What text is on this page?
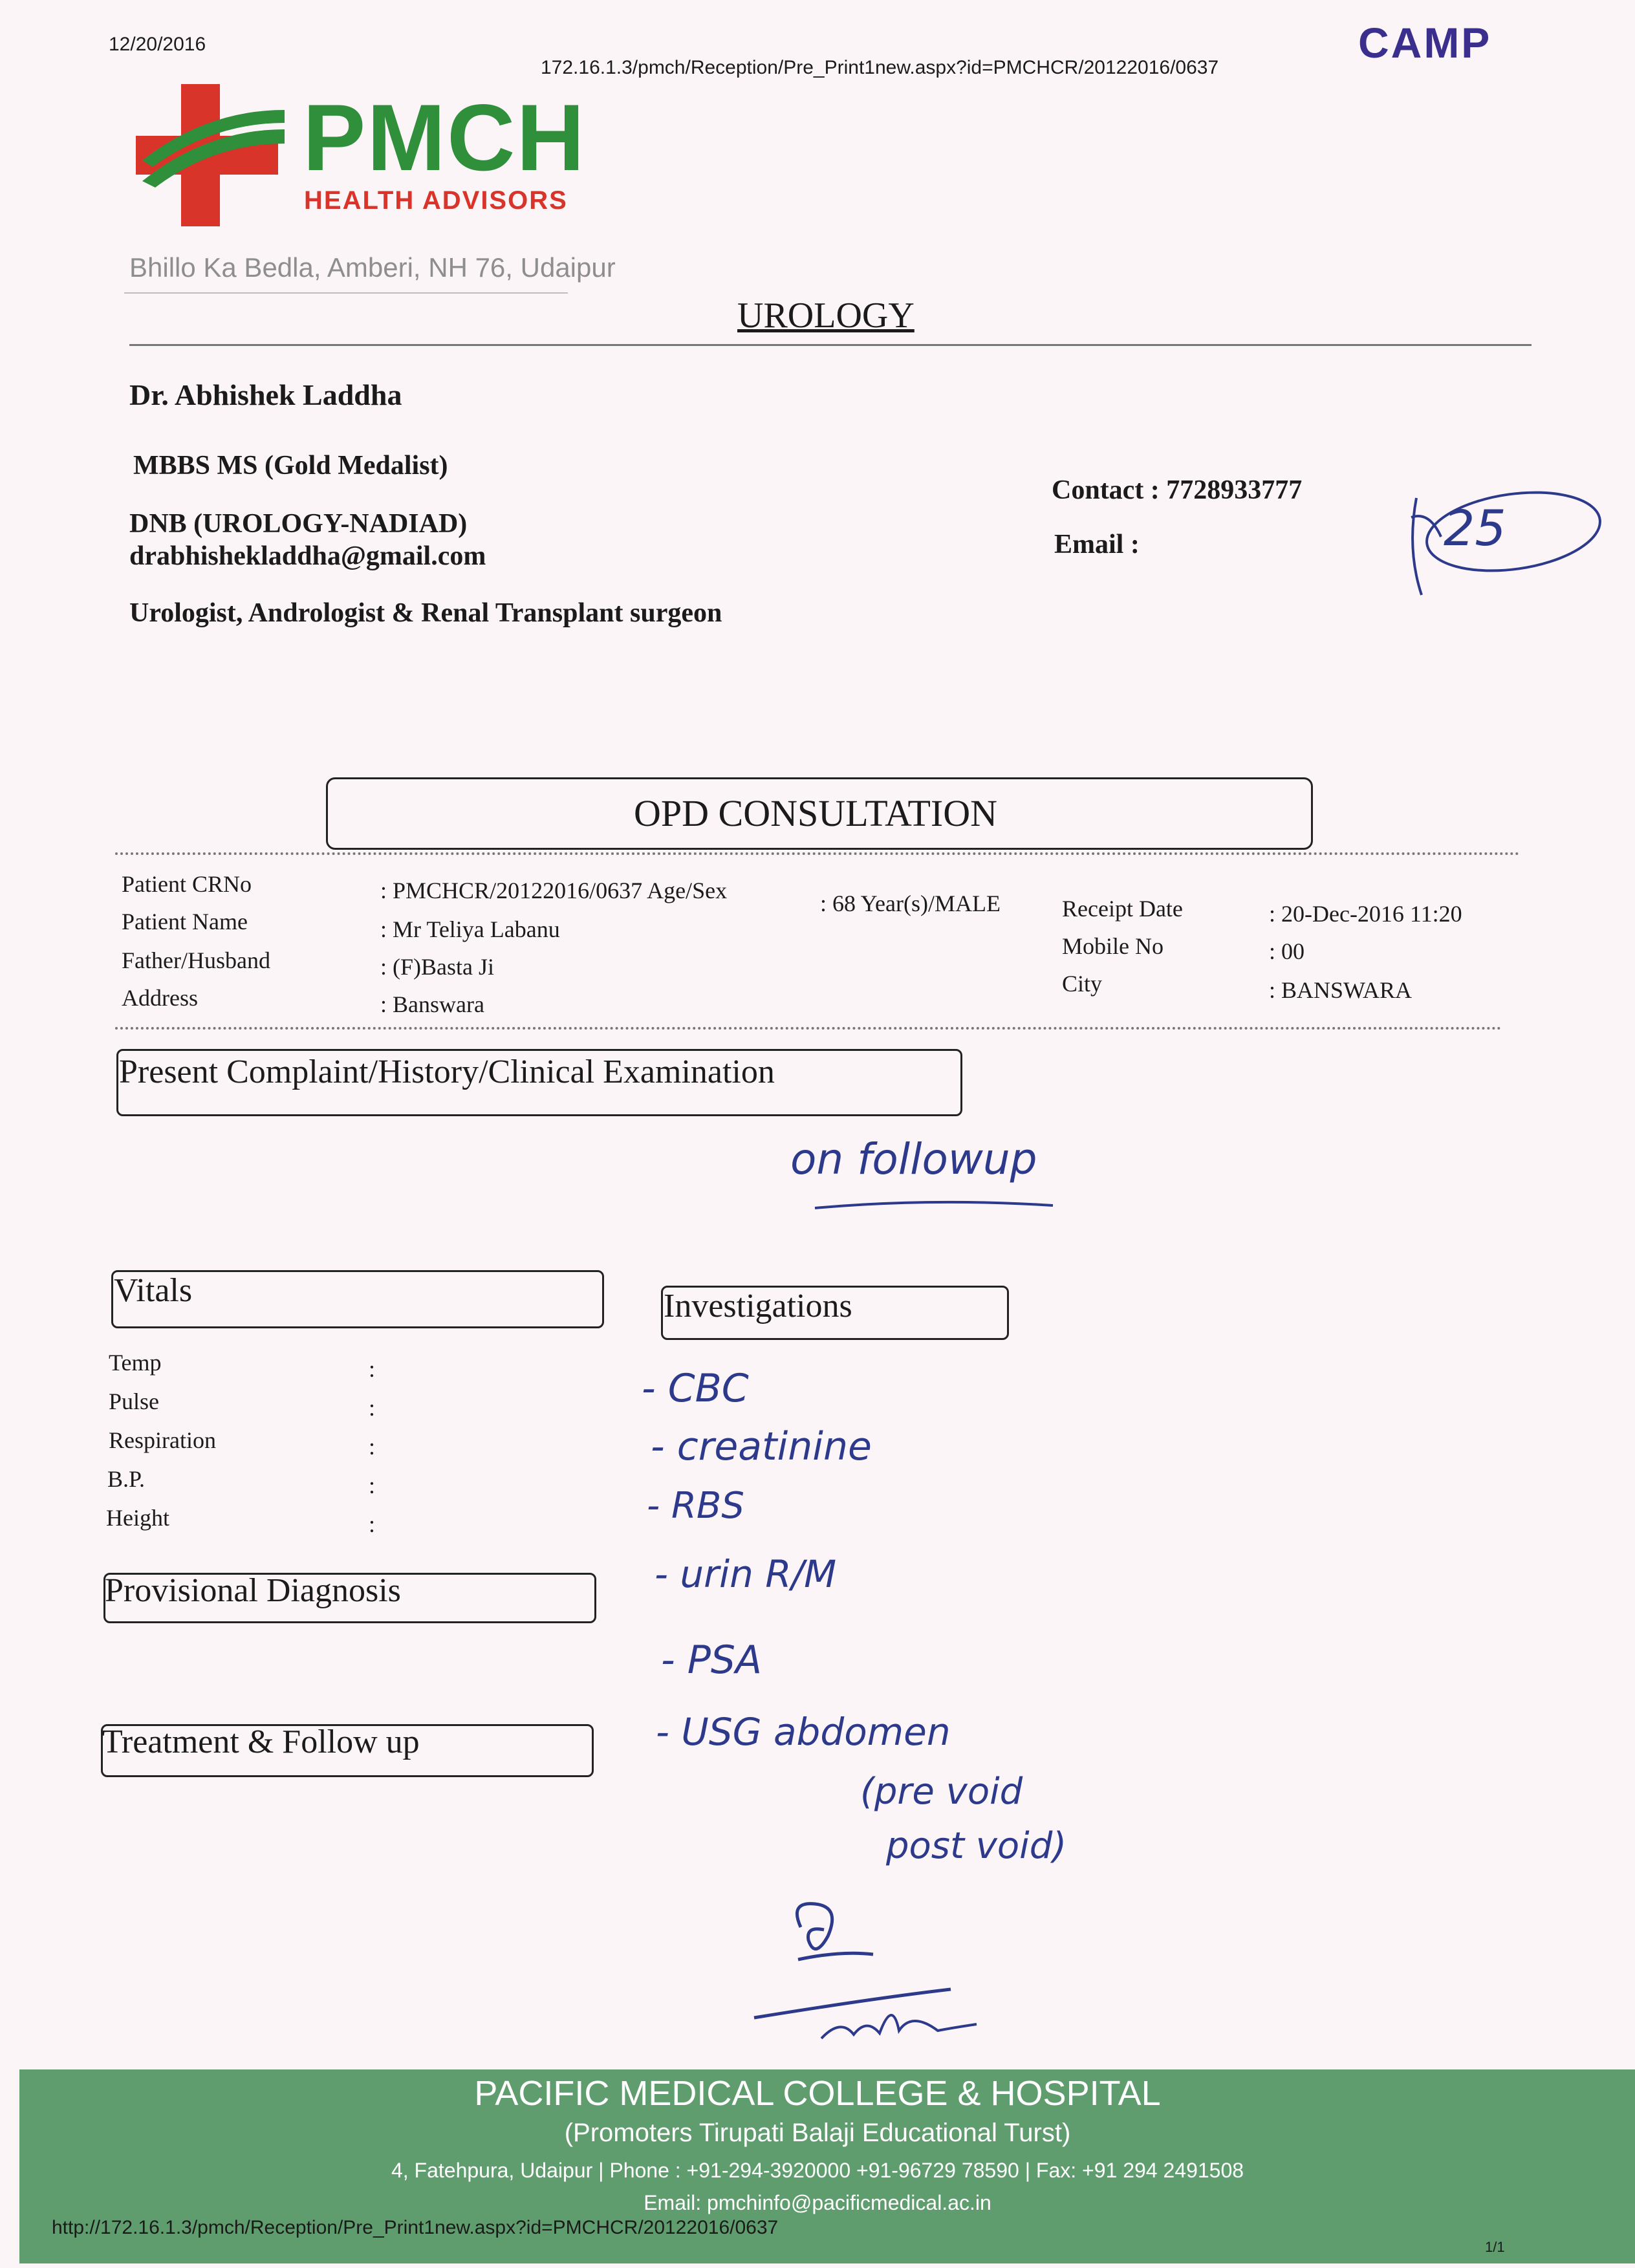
12/20/2016
172.16.1.3/pmch/Reception/Pre_Print1new.aspx?id=PMCHCR/20122016/0637
CAMP
PMCH
HEALTH ADVISORS
Bhillo Ka Bedla, Amberi, NH 76, Udaipur
UROLOGY
Dr. Abhishek Laddha
MBBS MS (Gold Medalist)
DNB (UROLOGY-NADIAD)
drabhishekladdha@gmail.com
Urologist, Andrologist & Renal Transplant surgeon
Contact : 7728933777
Email :	25
OPD CONSULTATION
Patient CRNo	: PMCHCR/20122016/0637 Age/Sex	: 68 Year(s)/MALE
Patient Name	: Mr Teliya Labanu
Father/Husband	: (F)Basta Ji
Address	: Banswara
Receipt Date	: 20-Dec-2016 11:20
Mobile No	: 00
City	: BANSWARA
Present Complaint/History/Clinical Examination
on followup
Vitals
Temp	:
Pulse	:
Respiration	:
B.P.	:
Height	:
Investigations
- CBC
- creatinine
- RBS
- urin R/M
- PSA
- USG abdomen
(pre void
post void)
Provisional Diagnosis
Treatment & Follow up
PACIFIC MEDICAL COLLEGE & HOSPITAL
(Promoters Tirupati Balaji Educational Turst)
4, Fatehpura, Udaipur | Phone : +91-294-3920000 +91-96729 78590 | Fax: +91 294 2491508
Email: pmchinfo@pacificmedical.ac.in
http://172.16.1.3/pmch/Reception/Pre_Print1new.aspx?id=PMCHCR/20122016/0637
1/1
